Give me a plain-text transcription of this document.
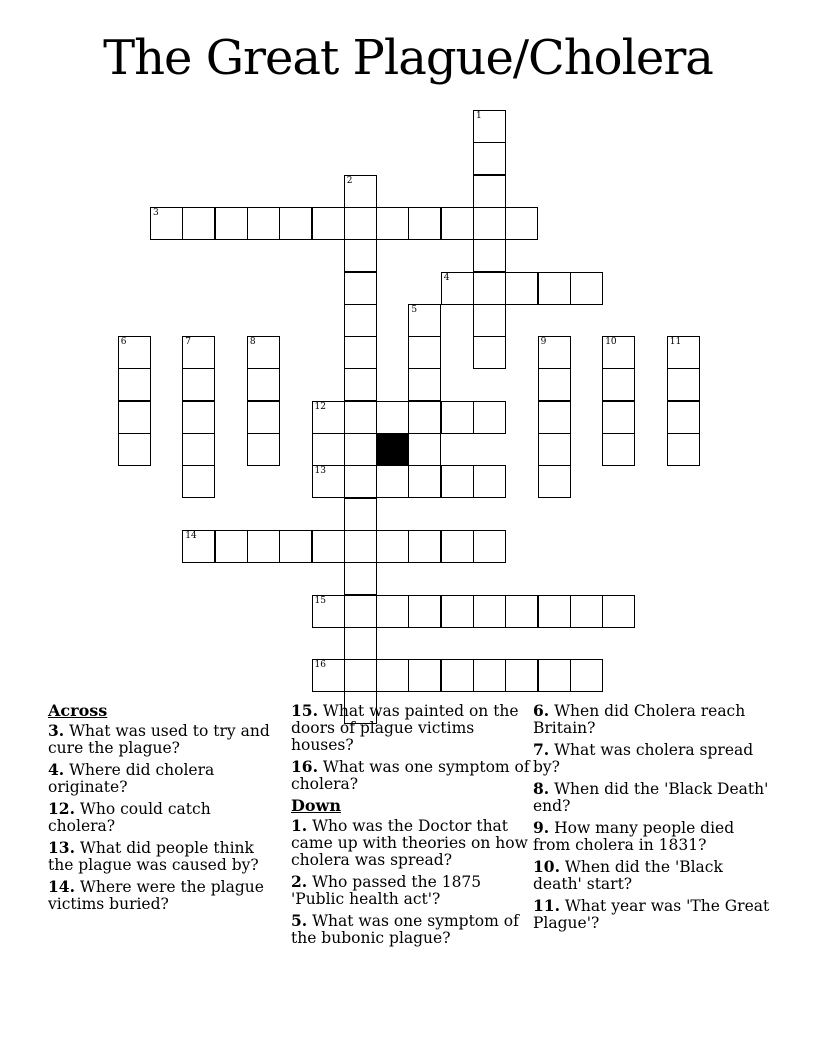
The Great Plague/Cholera
1
2
3
4
5
6	7	8	9	10	11
12
13
14
15
16
Across
3. What was used to try and cure the plague?
4. Where did cholera originate?
12. Who could catch cholera?
13. What did people think the plague was caused by?
14. Where were the plague victims buried?
15. What was painted on the doors of plague victims houses?
16. What was one symptom of cholera?
Down
1. Who was the Doctor that came up with theories on how cholera was spread?
2. Who passed the 1875 'Public health act'?
5. What was one symptom of the bubonic plague?
6. When did Cholera reach Britain?
7. What was cholera spread by?
8. When did the 'Black Death' end?
9. How many people died from cholera in 1831?
10. When did the 'Black death' start?
11. What year was 'The Great Plague'?
